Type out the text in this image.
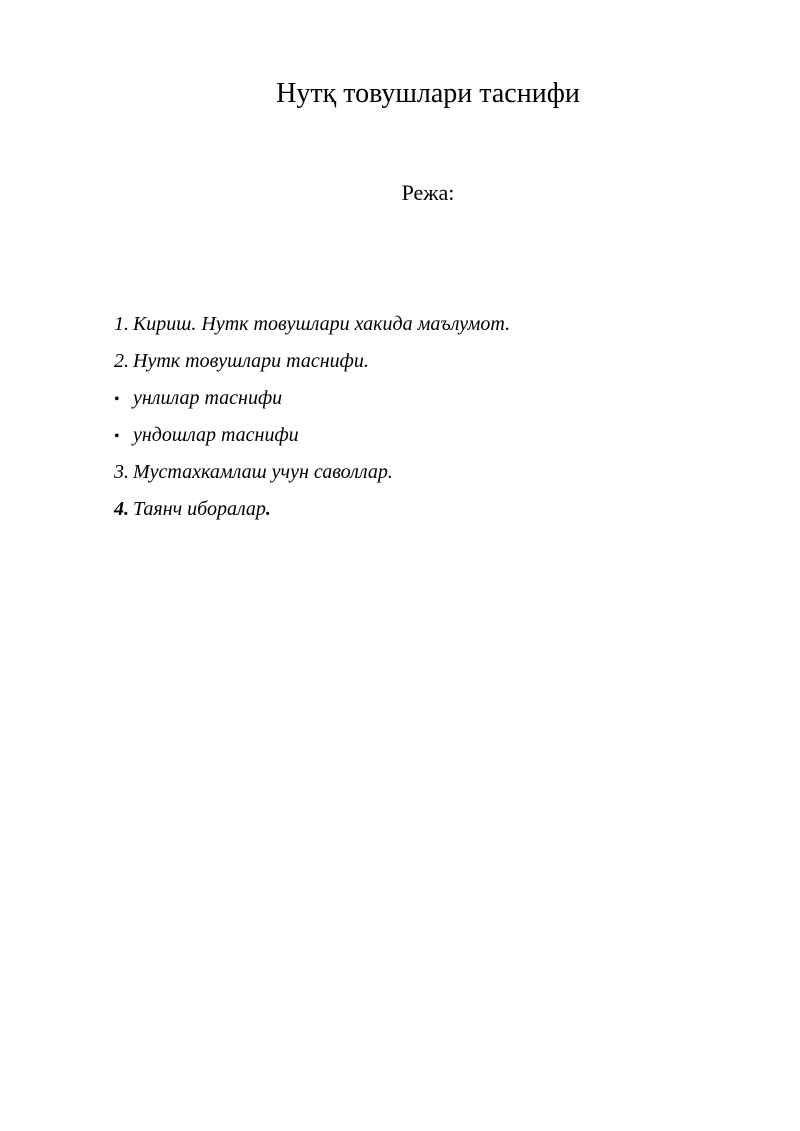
Нутқ товушлари таснифи
Режа:
1. Кириш. Нутк товушлари хакида маълумот.
2. Нутк товушлари таснифи.
• унлилар таснифи
• ундошлар таснифи
3. Мустахкамлаш учун саволлар.
4. Таянч иборалар .
